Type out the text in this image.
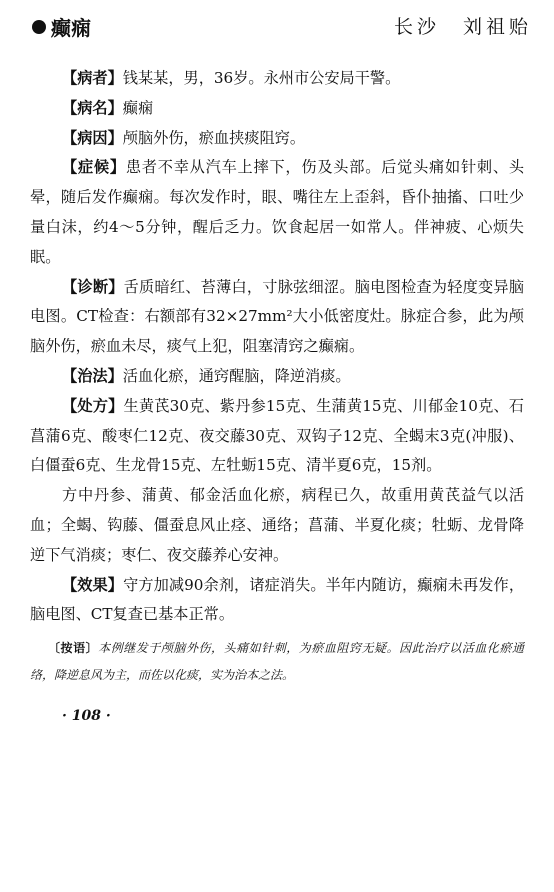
癫痫	长沙　刘祖贻

【病者】钱某某，男，36岁。永州市公安局干警。

【病名】癫痫

【病因】颅脑外伤，瘀血挟痰阻窍。

【症候】患者不幸从汽车上摔下，伤及头部。后觉头痛如针刺、头晕，随后发作癫痫。每次发作时，眼、嘴往左上歪斜，昏仆抽搐、口吐少量白沫，约4～5分钟，醒后乏力。饮食起居一如常人。伴神疲、心烦失眠。

【诊断】舌质暗红、苔薄白，寸脉弦细涩。脑电图检查为轻度变异脑电图。CT检查：右额部有32×27mm²大小低密度灶。脉症合参，此为颅脑外伤，瘀血未尽，痰气上犯，阻塞清窍之癫痫。

【治法】活血化瘀，通窍醒脑，降逆消痰。

【处方】生黄芪30克、紫丹参15克、生蒲黄15克、川郁金10克、石菖蒲6克、酸枣仁12克、夜交藤30克、双钩子12克、全蝎末3克(冲服)、白僵蚕6克、生龙骨15克、左牡蛎15克、清半夏6克，15剂。

方中丹参、蒲黄、郁金活血化瘀，病程已久，故重用黄芪益气以活血；全蝎、钩藤、僵蚕息风止痉、通络；菖蒲、半夏化痰；牡蛎、龙骨降逆下气消痰；枣仁、夜交藤养心安神。

【效果】守方加减90余剂，诸症消失。半年内随访，癫痫未再发作，脑电图、CT复查已基本正常。

〔按语〕本例继发于颅脑外伤，头痛如针刺，为瘀血阻窍无疑。因此治疗以活血化瘀通络，降逆息风为主，而佐以化痰，实为治本之法。

· 108 ·
